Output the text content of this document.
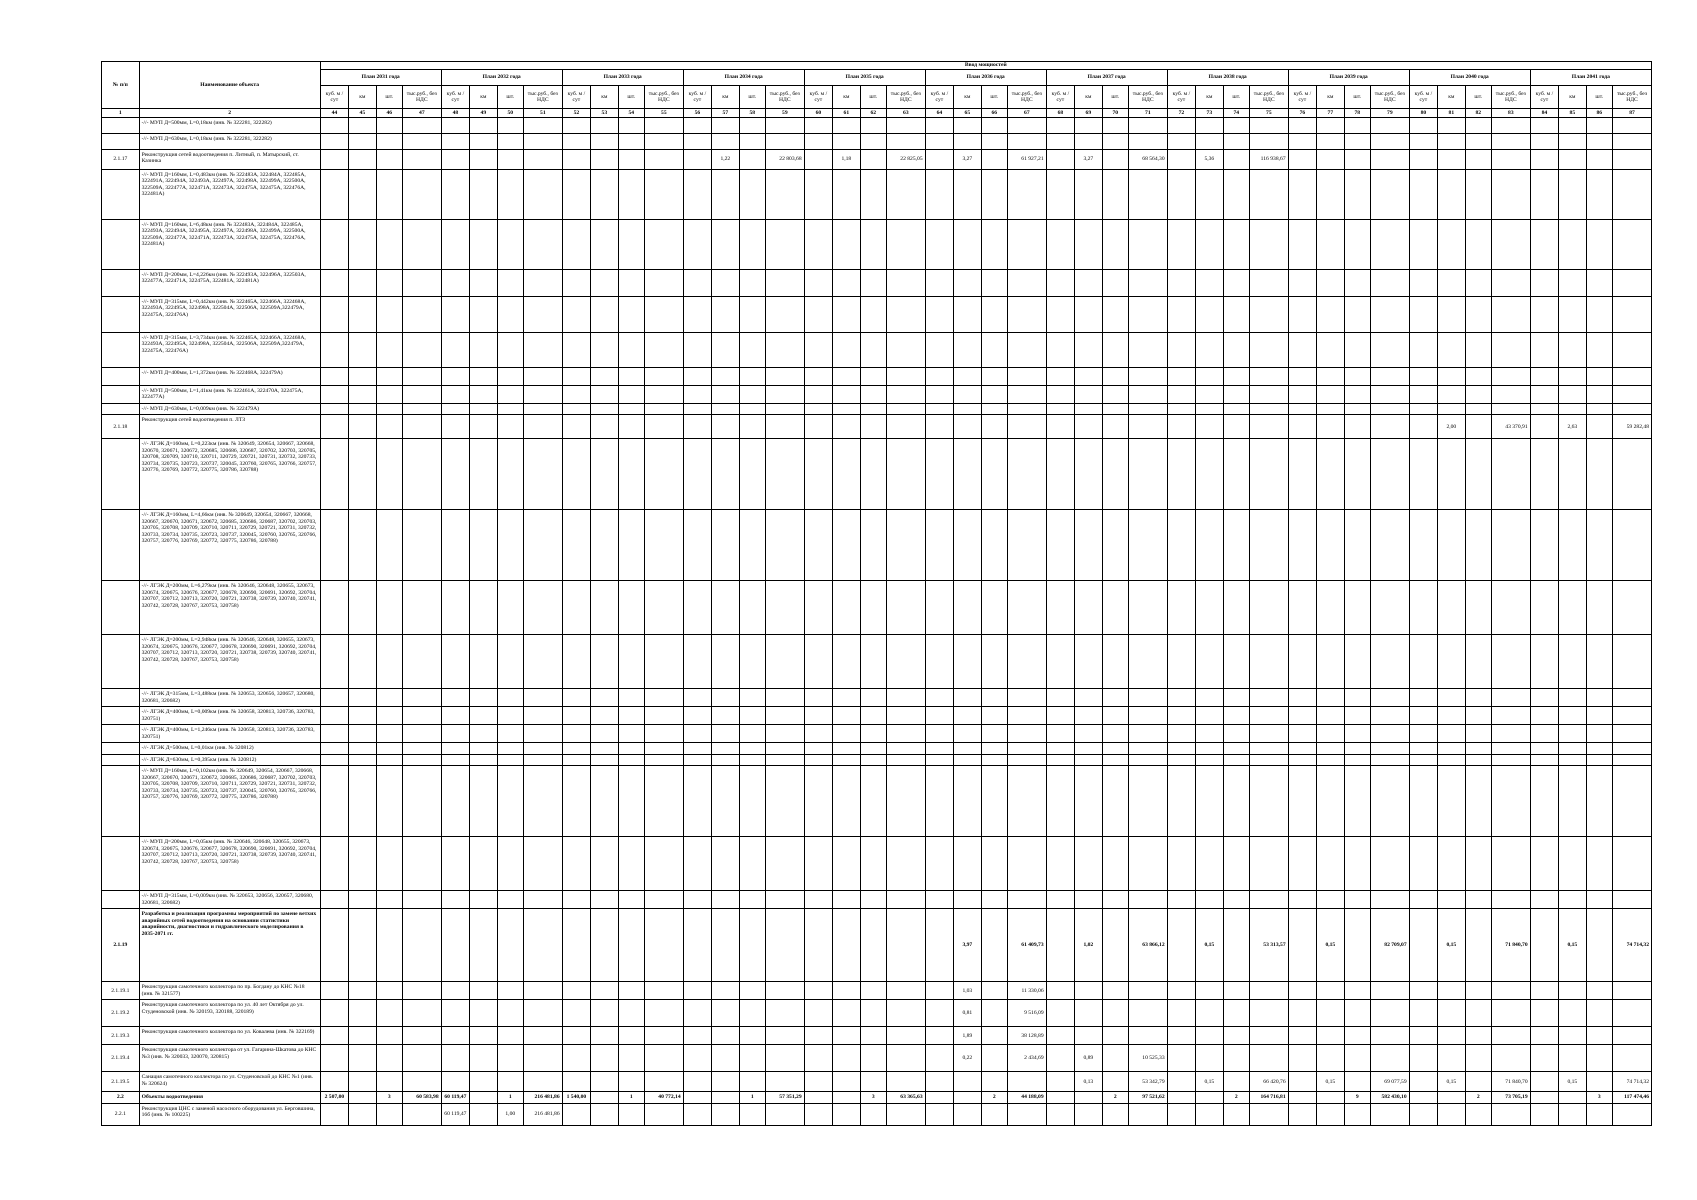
№ п/п	Наименование объекта	Ввод мощностей																																											
		План 2031 года				План 2032 года				План 2033 года				План 2034 года				План 2035 года				План 2036 года				План 2037 года				План 2038 года				План 2039 года				План 2040 года				План 2041 года			
		куб. м / сут	км	шт.	тыс.руб., без НДС	куб. м / сут	км	шт.	тыс.руб., без НДС	куб. м / сут	км	шт.	тыс.руб., без НДС	куб. м / сут	км	шт.	тыс.руб., без НДС	куб. м / сут	км	шт.	тыс.руб., без НДС	куб. м / сут	км	шт.	тыс.руб., без НДС	куб. м / сут	км	шт.	тыс.руб., без НДС	куб. м / сут	км	шт.	тыс.руб., без НДС	куб. м / сут	км	шт.	тыс.руб., без НДС	куб. м / сут	км	шт.	тыс.руб., без НДС	куб. м / сут	км	шт.	тыс.руб., без НДС
1	2	44	45	46	47	48	49	50	51	52	53	54	55	56	57	58	59	60	61	62	63	64	65	66	67	68	69	70	71	72	73	74	75	76	77	78	79	80	81	82	83	84	85	86	87
	-//- МУП Д=500мм, L=0,18км (инв. № 322281, 322282)																																												
	-//- МУП Д=630мм, L=0,18км (инв. № 322281, 322282)																																												
2.1.17	Реконструкция сетей водоотведения п. Литный, п. Матырский, ст. Казинка														1,22		22 803,68		1,18		22 825,05		3,27		61 927,21		3,27		68 564,30		5,36		116 938,67												
	-//- МУП Д=160мм, L=0,483км (инв. № 322483А, 322484А, 322485А, 322491А, 322494А, 322493А, 322497А, 322498А, 322499А, 322500А, 322509А, 322477А, 322471А, 322473А, 322475А, 322475А, 322476А, 322481А)																																												
	-//- МУП Д=160мм, L=6,48км (инв. № 322483А, 322484А, 322485А, 322493А, 322494А, 322495А, 322497А, 322498А, 322499А, 322500А, 322509А, 322477А, 322471А, 322473А, 322475А, 322475А, 322476А, 322481А)																																												
	-//- МУП Д=200мм, L=4,226км (инв. № 322493А, 322496А, 322503А, 322477А, 322471А, 322475А, 322481А, 322481А)																																												
	-//- МУП Д=315мм, L=0,442км (инв. № 322465А, 322466А, 322468А, 322493А, 322495А, 322498А, 322504А, 322506А, 322509А,322479А, 322475А, 322476А)																																												
	-//- МУП Д=315мм, L=3,734км (инв. № 322465А, 322466А, 322468А, 322493А, 322495А, 322498А, 322504А, 322506А, 322509А,322479А, 322475А, 322476А)																																												
	-//- МУП Д=400мм, L=1,372км (инв. № 322468А, 322479А)																																												
	-//- МУП Д=500мм, L=1,41км (инв. № 322461А, 322470А, 322475А, 322477А)																																												
	-//- МУП Д=630мм, L=0,009км (инв. № 322479А)																																												
2.1.18	Реконструкция сетей водоотведения п. ЛТЗ																																						2,00		43 370,91		2,63		59 282,48
	-//- ЛГЭК Д=160мм, L=0,223км (инв. № 320649, 320654, 320667, 320668, 320670, 320671, 320672, 320685, 320686, 320687, 320702, 320703, 320705, 320708, 320709, 320710, 320711, 320729, 320721, 320731, 320732, 320733, 320734, 320735, 320723, 320737, 320045, 320760, 320765, 320766, 320757, 320776, 320769, 320772, 320775, 320786, 320788)																																												
	-//- ЛГЭК Д=160мм, L=4,66км (инв. № 320649, 320654, 320667, 320668, 320667, 320670, 320671, 320672, 320685, 320686, 320687, 320702, 320703, 320705, 320708, 320709, 320710, 320711, 320729, 320721, 320731, 320732, 320733, 320734, 320735, 320723, 320737, 320045, 320760, 320765, 320766, 320757, 320776, 320769, 320772, 320775, 320786, 320788)																																												
	-//- ЛГЭК Д=200мм, L=6,279км (инв. № 320646, 320648, 320655, 320673, 320674, 320675, 320676, 320677, 320678, 320690, 320691, 320692, 320704, 320707, 320712, 320713, 320720, 320721, 320738, 320739, 320740, 320741, 320742, 320728, 320767, 320753, 320758)																																												
	-//- ЛГЭК Д=200мм, L=2,948км (инв. № 320646, 320648, 320655, 320673, 320674, 320675, 320676, 320677, 320678, 320690, 320691, 320692, 320704, 320707, 320712, 320713, 320720, 320721, 320738, 320739, 320740, 320741, 320742, 320728, 320767, 320753, 320758)																																												
	-//- ЛГЭК Д=315мм, L=3,488км (инв. № 320653, 320656, 320657, 320680, 320681, 320682)																																												
	-//- ЛГЭК Д=400мм, L=0,009км (инв. № 320658, 320813, 320736, 320783, 320751)																																												
	-//- ЛГЭК Д=400мм, L=1,246км (инв. № 320658, 320813, 320736, 320783, 320751)																																												
	-//- ЛГЭК Д=500мм, L=0,01км (инв. № 320812)																																												
	-//- ЛГЭК Д=630мм, L=0,395км (инв. № 320812)																																												
	-//- МУП Д=160мм, L=0,102км (инв. № 320649, 320654, 320667, 320668, 320667, 320670, 320671, 320672, 320685, 320686, 320687, 320702, 320703, 320705, 320708, 320709, 320710, 320711, 320729, 320721, 320731, 320732, 320733, 320734, 320735, 320723, 320737, 320045, 320760, 320765, 320766, 320757, 320776, 320769, 320772, 320775, 320786, 320788)																																												
	-//- МУП Д=200мм, L=0,05км (инв. № 320646, 320648, 320655, 320673, 320674, 320675, 320676, 320677, 320678, 320690, 320691, 320692, 320704, 320707, 320712, 320713, 320720, 320721, 320738, 320739, 320740, 320741, 320742, 320728, 320767, 320753, 320758)																																												
	-//- МУП Д=315мм, L=0,009км (инв. № 320653, 320656, 320657, 320680, 320681, 320682)																																												
2.1.19	Разработка и реализация программы мероприятий по замене ветхих аварийных сетей водоотведения на основании статистики аварийности, диагностики и гидравлического моделирования в 2035-2071 гг.																						3,97		61 409,73		1,02		63 866,12		0,15		53 313,57		0,15		82 709,07		0,15		71 840,70		0,15		74 714,32
2.1.19.1	Реконструкция самотечного коллектора по пр. Богдану до КНС №18 (инв. № 321577)																						1,03		11 330,06																				
2.1.19.2	Реконструкция самотечного коллектора по ул. 40 лет Октября до ул. Студеновской (инв. № 320193, 320188, 320189)																						0,81		9 516,09																				
2.1.19.3	Реконструкция самотечного коллектора по ул. Ковалева (инв. № 322169)																						1,89		38 128,89																				
2.1.19.4	Реконструкция самотечного коллектора от ул. Гагарина-Шкатова до КНС №3 (инв. № 320033, 320070, 320815)																						0,22		2 434,69		0,89		10 525,33																
2.1.19.5	Санация самотечного коллектора по ул. Студеновской до КНС №1 (инв. № 320624)																										0,13		53 342,79		0,15		66 420,76		0,15		69 077,59		0,15		71 840,70		0,15		74 714,32
2.2	Объекты водоотведения	2 507,00		3	60 583,98	60 119,47		1	216 481,86	1 540,00		1	40 772,14			1	57 351,29			3	63 365,63			2	44 188,09			2	97 521,62			2	164 716,81			9	582 430,10			2	73 705,19			3	117 474,46
2.2.1	Реконструкция ЦНС с заменой насосного оборудования ул. Берговшина, 16б (инв. № 100225)					60 119,47		1,00	216 481,86																																				
